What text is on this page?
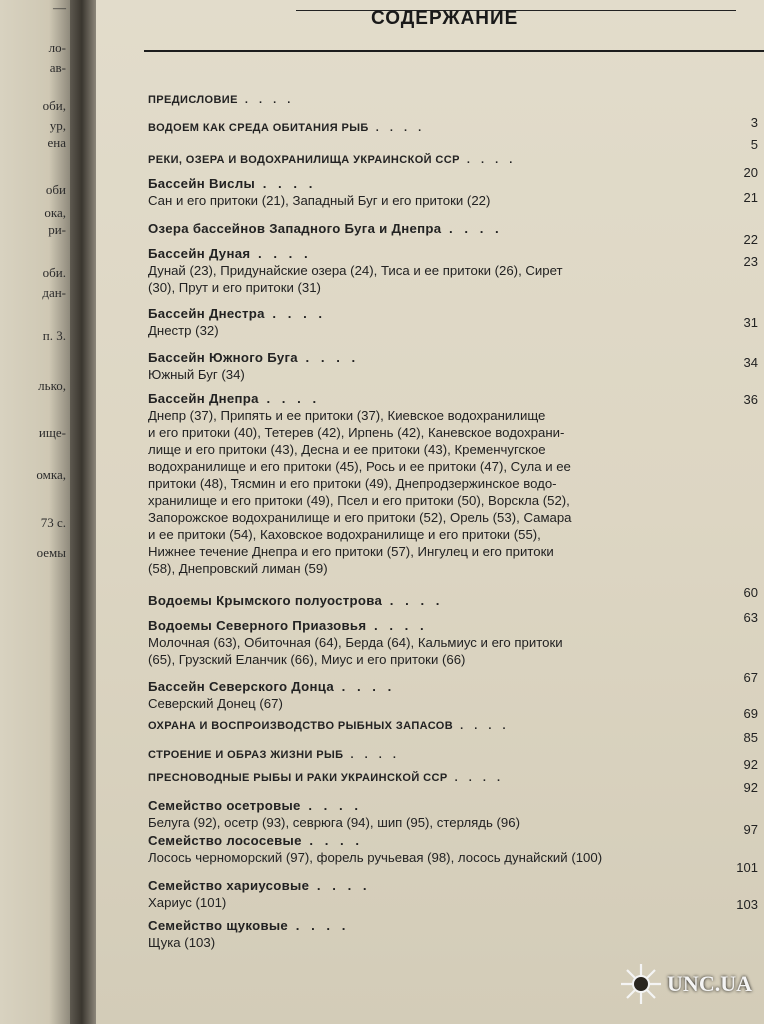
—
ло-
ав-
оби,
ур,
ена
оби
ока,
ри-
оби.
дан-
п. 3.
лько,
ище-
омка,
73 с.
оемы
СОДЕРЖАНИЕ
ПРЕДИСЛОВИЕ . . . .
ВОДОЕМ КАК СРЕДА ОБИТАНИЯ РЫБ . . . .	3
РЕКИ, ОЗЕРА И ВОДОХРАНИЛИЩА УКРАИНСКОЙ ССР . . . .
5
Бассейн Вислы . . . .
Сан и его притоки (21), Западный Буг и его притоки (22)
20
Озера бассейнов Западного Буга и Днепра . . . .
21
Бассейн Дуная . . . .
Дунай (23), Придунайские озера (24), Тиса и ее притоки (26), Сирет
(30), Прут и его притоки (31)
22
Бассейн Днестра . . . .
Днестр (32)
23
Бассейн Южного Буга . . . .
Южный Буг (34)
31
Бассейн Днепра . . . .
Днепр (37), Припять и ее притоки (37), Киевское водохранилище
и его притоки (40), Тетерев (42), Ирпень (42), Каневское водохрани-
лище и его притоки (43), Десна и ее притоки (43), Кременчугское
водохранилище и его притоки (45), Рось и ее притоки (47), Сула и ее
притоки (48), Тясмин и его притоки (49), Днепродзержинское водо-
хранилище и его притоки (49), Псел и его притоки (50), Ворскла (52),
Запорожское водохранилище и его притоки (52), Орель (53), Самара
и ее притоки (54), Каховское водохранилище и его притоки (55),
Нижнее течение Днепра и его притоки (57), Ингулец и его притоки
(58), Днепровский лиман (59)
34
Водоемы Крымского полуострова . . . .
36
Водоемы Северного Приазовья . . . .
Молочная (63), Обиточная (64), Берда (64), Кальмиус и его притоки
(65), Грузский Еланчик (66), Миус и его притоки (66)
60
Бассейн Северского Донца . . . .
Северский Донец (67)
63
ОХРАНА И ВОСПРОИЗВОДСТВО РЫБНЫХ ЗАПАСОВ . . . .
67
СТРОЕНИЕ И ОБРАЗ ЖИЗНИ РЫБ . . . .
69
ПРЕСНОВОДНЫЕ РЫБЫ И РАКИ УКРАИНСКОЙ ССР . . . .
85
Семейство осетровые . . . .
Белуга (92), осетр (93), севрюга (94), шип (95), стерлядь (96)
92
Семейство лососевые . . . .
Лосось черноморский (97), форель ручьевая (98), лосось дунайский (100)
92
Семейство хариусовые . . . .
Хариус (101)
97
Семейство щуковые . . . .
Щука (103)
101
103
UNC.UA
